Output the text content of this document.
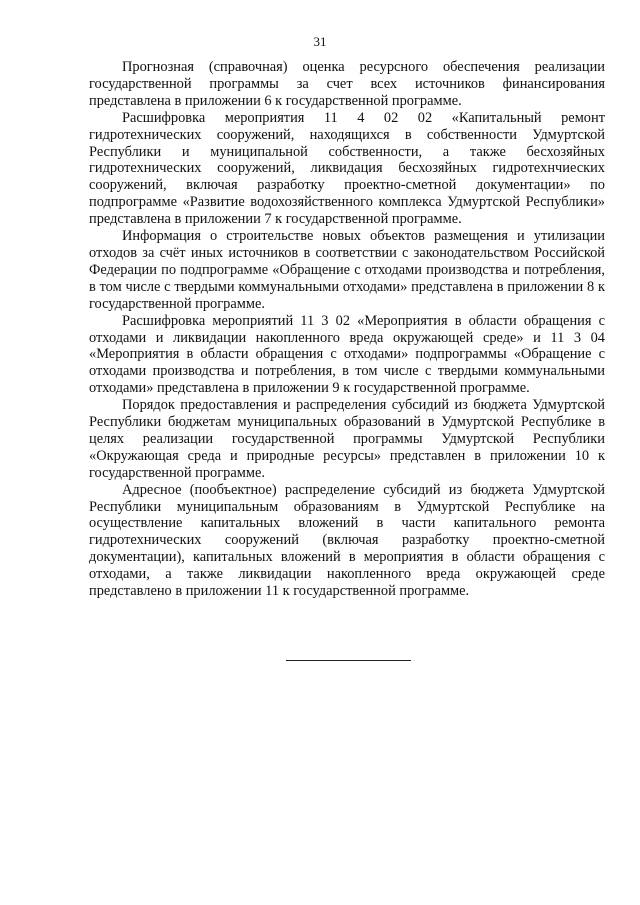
31

Прогнозная (справочная) оценка ресурсного обеспечения реализации государственной программы за счет всех источников финансирования представлена в приложении 6 к государственной программе.

Расшифровка мероприятия 11 4 02 02 «Капитальный ремонт гидротехнических сооружений, находящихся в собственности Удмуртской Республики и муниципальной собственности, а также бесхозяйных гидротехнических сооружений, ликвидация бесхозяйных гидротехнчиеских сооружений, включая разработку проектно-сметной документации» по подпрограмме «Развитие водохозяйственного комплекса Удмуртской Республики» представлена в приложении 7 к государственной программе.

Информация о строительстве новых объектов размещения и утилизации отходов за счёт иных источников в соответствии с законодательством Российской Федерации по подпрограмме «Обращение с отходами производства и потребления, в том числе с твердыми коммунальными отходами» представлена в приложении 8 к государственной программе.

Расшифровка мероприятий 11 3 02 «Мероприятия в области обращения с отходами и ликвидации накопленного вреда окружающей среде» и 11 3 04 «Мероприятия в области обращения с отходами» подпрограммы «Обращение с отходами производства и потребления, в том числе с твердыми коммунальными отходами» представлена в приложении 9 к государственной программе.

Порядок предоставления и распределения субсидий из бюджета Удмуртской Республики бюджетам муниципальных образований в Удмуртской Республике в целях реализации государственной программы Удмуртской Республики «Окружающая среда и природные ресурсы» представлен в приложении 10 к государственной программе.

Адресное (пообъектное) распределение субсидий из бюджета Удмуртской Республики муниципальным образованиям в Удмуртской Республике на осуществление капитальных вложений в части капитального ремонта гидротехнических сооружений (включая разработку проектно-сметной документации), капитальных вложений в мероприятия в области обращения с отходами, а также ликвидации накопленного вреда окружающей среде представлено в приложении 11 к государственной программе.
